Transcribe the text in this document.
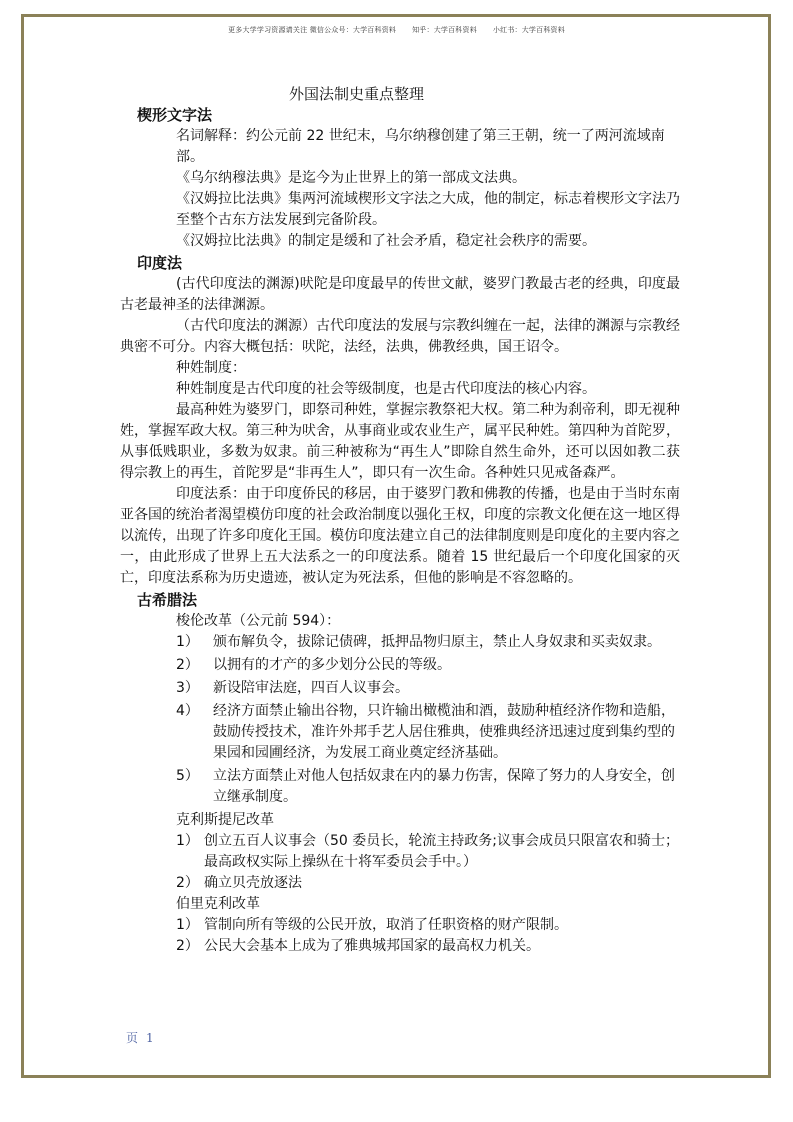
更多大学学习资源请关注 微信公众号：大学百科资料 知乎：大学百科资料 小红书：大学百科资料
外国法制史重点整理
楔形文字法
名词解释：约公元前 22 世纪末，乌尔纳穆创建了第三王朝，统一了两河流域南部。
《乌尔纳穆法典》是迄今为止世界上的第一部成文法典。
《汉姆拉比法典》集两河流域楔形文字法之大成，他的制定，标志着楔形文字法乃至整个古东方法发展到完备阶段。
《汉姆拉比法典》的制定是缓和了社会矛盾，稳定社会秩序的需要。
印度法
(古代印度法的渊源)吠陀是印度最早的传世文献，婆罗门教最古老的经典，印度最古老最神圣的法律渊源。
（古代印度法的渊源）古代印度法的发展与宗教纠缠在一起，法律的渊源与宗教经典密不可分。内容大概包括：吠陀，法经，法典，佛教经典，国王诏令。
种姓制度：
种姓制度是古代印度的社会等级制度，也是古代印度法的核心内容。
最高种姓为婆罗门，即祭司种姓，掌握宗教祭祀大权。第二种为刹帝利，即无视种姓，掌握军政大权。第三种为吠舍，从事商业或农业生产，属平民种姓。第四种为首陀罗，从事低贱职业，多数为奴隶。前三种被称为“再生人”即除自然生命外，还可以因如教二获得宗教上的再生，首陀罗是“非再生人”，即只有一次生命。各种姓只见戒备森严。
印度法系：由于印度侨民的移居，由于婆罗门教和佛教的传播，也是由于当时东南亚各国的统治者渴望模仿印度的社会政治制度以强化王权，印度的宗教文化便在这一地区得以流传，出现了许多印度化王国。模仿印度法建立自己的法律制度则是印度化的主要内容之一，由此形成了世界上五大法系之一的印度法系。随着 15 世纪最后一个印度化国家的灭亡，印度法系称为历史遗迹，被认定为死法系，但他的影响是不容忽略的。
古希腊法
梭伦改革（公元前 594）：
1）	颁布解负令，拔除记债碑，抵押品物归原主，禁止人身奴隶和买卖奴隶。
2）	以拥有的才产的多少划分公民的等级。
3）	新设陪审法庭，四百人议事会。
4）	经济方面禁止输出谷物，只许输出橄榄油和酒，鼓励种植经济作物和造船，鼓励传授技术，准许外邦手艺人居住雅典，使雅典经济迅速过度到集约型的果园和园圃经济，为发展工商业奠定经济基础。
5）	立法方面禁止对他人包括奴隶在内的暴力伤害，保障了努力的人身安全，创立继承制度。
克利斯提尼改革
1） 创立五百人议事会（50 委员长，轮流主持政务;议事会成员只限富农和骑士；最高政权实际上操纵在十将军委员会手中。）
2） 确立贝壳放逐法
伯里克利改革
1） 管制向所有等级的公民开放，取消了任职资格的财产限制。
2） 公民大会基本上成为了雅典城邦国家的最高权力机关。
页 1
